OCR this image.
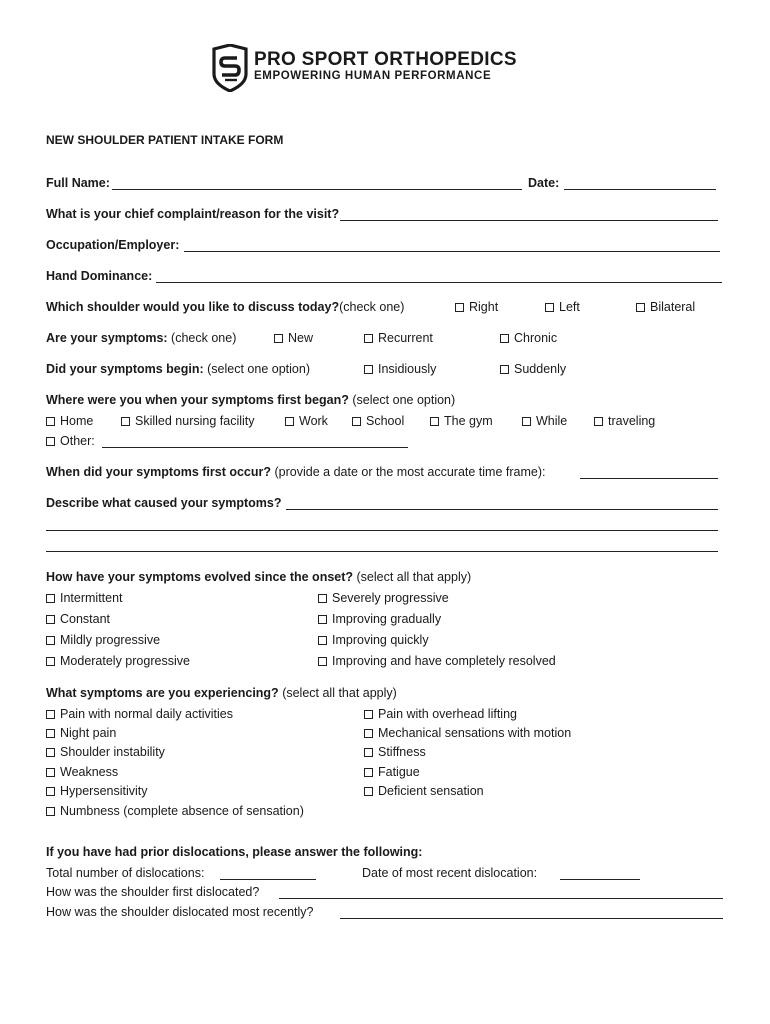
PRO SPORT ORTHOPEDICS
EMPOWERING HUMAN PERFORMANCE
NEW SHOULDER PATIENT INTAKE FORM
Full Name:	Date:
What is your chief complaint/reason for the visit?
Occupation/Employer:
Hand Dominance:
Which shoulder would you like to discuss today?(check one)	Right	Left	Bilateral
Are your symptoms: (check one)	New	Recurrent	Chronic
Did your symptoms begin: (select one option)	Insidiously	Suddenly
Where were you when your symptoms first began? (select one option)
Home	Skilled nursing facility	Work	School	The gym	While	traveling
Other:
When did your symptoms first occur? (provide a date or the most accurate time frame):
Describe what caused your symptoms?
How have your symptoms evolved since the onset? (select all that apply)
Intermittent
Constant
Mildly progressive
Moderately progressive
Severely progressive
Improving gradually
Improving quickly
Improving and have completely resolved
What symptoms are you experiencing? (select all that apply)
Pain with normal daily activities
Night pain
Shoulder instability
Weakness
Hypersensitivity
Numbness (complete absence of sensation)
Pain with overhead lifting
Mechanical sensations with motion
Stiffness
Fatigue
Deficient sensation
If you have had prior dislocations, please answer the following:
Total number of dislocations:	Date of most recent dislocation:
How was the shoulder first dislocated?
How was the shoulder dislocated most recently?
